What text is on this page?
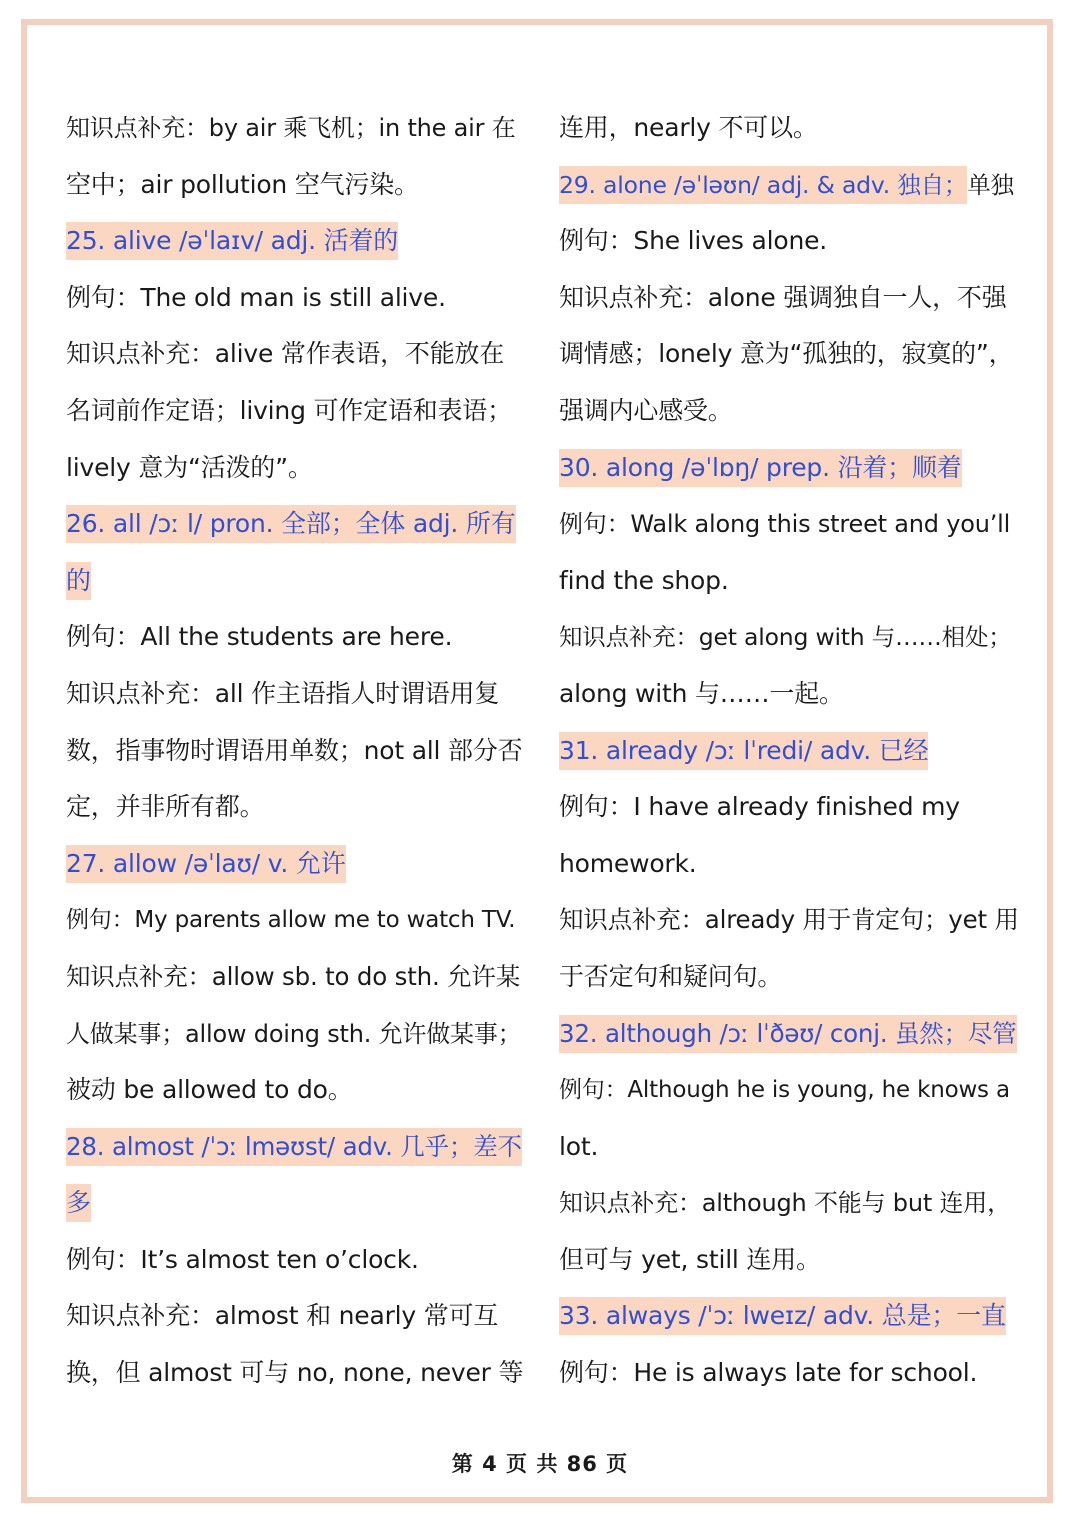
知识点补充：by air 乘飞机；in the air 在
空中；air pollution 空气污染。
25. alive /əˈlaɪv/ adj. 活着的
例句：The old man is still alive.
知识点补充：alive 常作表语，不能放在
名词前作定语；living 可作定语和表语；
lively 意为“活泼的”。
26. all /ɔː l/ pron. 全部；全体 adj. 所有
的
例句：All the students are here.
知识点补充：all 作主语指人时谓语用复
数，指事物时谓语用单数；not all 部分否
定，并非所有都。
27. allow /əˈlaʊ/ v. 允许
例句：My parents allow me to watch TV.
知识点补充：allow sb. to do sth. 允许某
人做某事；allow doing sth. 允许做某事；
被动 be allowed to do。
28. almost /ˈɔː lməʊst/ adv. 几乎；差不
多
例句：It’s almost ten o’clock.
知识点补充：almost 和 nearly 常可互
换，但 almost 可与 no, none, never 等
连用，nearly 不可以。
29. alone /əˈləʊn/ adj. & adv. 独自；单独
例句：She lives alone.
知识点补充：alone 强调独自一人，不强
调情感；lonely 意为“孤独的，寂寞的”，
强调内心感受。
30. along /əˈlɒŋ/ prep. 沿着；顺着
例句：Walk along this street and you’ll
find the shop.
知识点补充：get along with 与……相处；
along with 与……一起。
31. already /ɔː lˈredi/ adv. 已经
例句：I have already finished my
homework.
知识点补充：already 用于肯定句；yet 用
于否定句和疑问句。
32. although /ɔː lˈðəʊ/ conj. 虽然；尽管
例句：Although he is young, he knows a
lot.
知识点补充：although 不能与 but 连用，
但可与 yet, still 连用。
33. always /ˈɔː lweɪz/ adv. 总是；一直
例句：He is always late for school.
第 4 页 共 86 页
